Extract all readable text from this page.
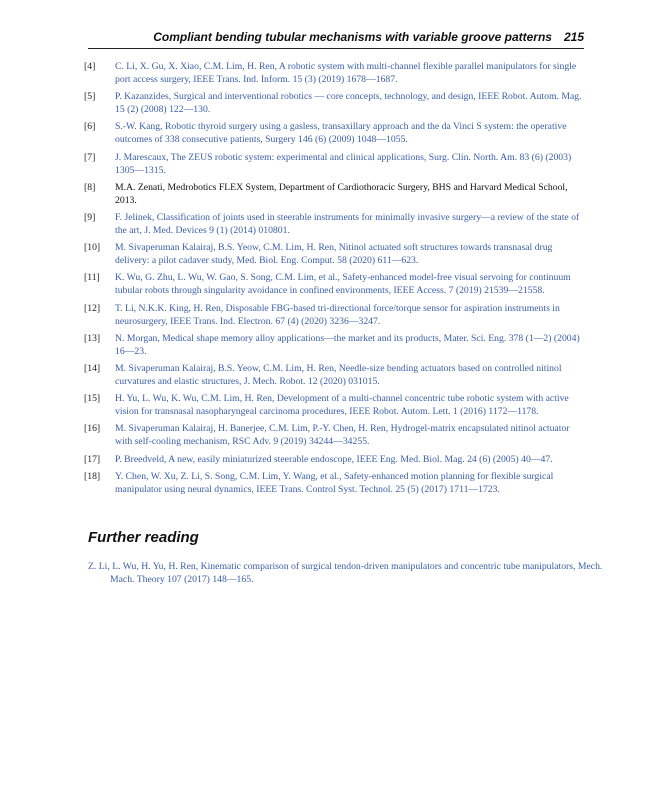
Compliant bending tubular mechanisms with variable groove patterns 215
[4] C. Li, X. Gu, X. Xiao, C.M. Lim, H. Ren, A robotic system with multi-channel flexible parallel manipulators for single port access surgery, IEEE Trans. Ind. Inform. 15 (3) (2019) 1678—1687.
[5] P. Kazanzides, Surgical and interventional robotics — core concepts, technology, and design, IEEE Robot. Autom. Mag. 15 (2) (2008) 122—130.
[6] S.-W. Kang, Robotic thyroid surgery using a gasless, transaxillary approach and the da Vinci S system: the operative outcomes of 338 consecutive patients, Surgery 146 (6) (2009) 1048—1055.
[7] J. Marescaux, The ZEUS robotic system: experimental and clinical applications, Surg. Clin. North. Am. 83 (6) (2003) 1305—1315.
[8] M.A. Zenati, Medrobotics FLEX System, Department of Cardiothoracic Surgery, BHS and Harvard Medical School, 2013.
[9] F. Jelinek, Classification of joints used in steerable instruments for minimally invasive surgery—a review of the state of the art, J. Med. Devices 9 (1) (2014) 010801.
[10] M. Sivaperuman Kalairaj, B.S. Yeow, C.M. Lim, H. Ren, Nitinol actuated soft structures towards transnasal drug delivery: a pilot cadaver study, Med. Biol. Eng. Comput. 58 (2020) 611—623.
[11] K. Wu, G. Zhu, L. Wu, W. Gao, S. Song, C.M. Lim, et al., Safety-enhanced model-free visual servoing for continuum tubular robots through singularity avoidance in confined environments, IEEE Access. 7 (2019) 21539—21558.
[12] T. Li, N.K.K. King, H. Ren, Disposable FBG-based tri-directional force/torque sensor for aspiration instruments in neurosurgery, IEEE Trans. Ind. Electron. 67 (4) (2020) 3236—3247.
[13] N. Morgan, Medical shape memory alloy applications—the market and its products, Mater. Sci. Eng. 378 (1—2) (2004) 16—23.
[14] M. Sivaperuman Kalairaj, B.S. Yeow, C.M. Lim, H. Ren, Needle-size bending actuators based on controlled nitinol curvatures and elastic structures, J. Mech. Robot. 12 (2020) 031015.
[15] H. Yu, L. Wu, K. Wu, C.M. Lim, H. Ren, Development of a multi-channel concentric tube robotic system with active vision for transnasal nasopharyngeal carcinoma procedures, IEEE Robot. Autom. Lett. 1 (2016) 1172—1178.
[16] M. Sivaperuman Kalairaj, H. Banerjee, C.M. Lim, P.-Y. Chen, H. Ren, Hydrogel-matrix encapsulated nitinol actuator with self-cooling mechanism, RSC Adv. 9 (2019) 34244—34255.
[17] P. Breedveld, A new, easily miniaturized steerable endoscope, IEEE Eng. Med. Biol. Mag. 24 (6) (2005) 40—47.
[18] Y. Chen, W. Xu, Z. Li, S. Song, C.M. Lim, Y. Wang, et al., Safety-enhanced motion planning for flexible surgical manipulator using neural dynamics, IEEE Trans. Control Syst. Technol. 25 (5) (2017) 1711—1723.
Further reading

Z. Li, L. Wu, H. Yu, H. Ren, Kinematic comparison of surgical tendon-driven manipulators and concentric tube manipulators, Mech. Mach. Theory 107 (2017) 148—165.
